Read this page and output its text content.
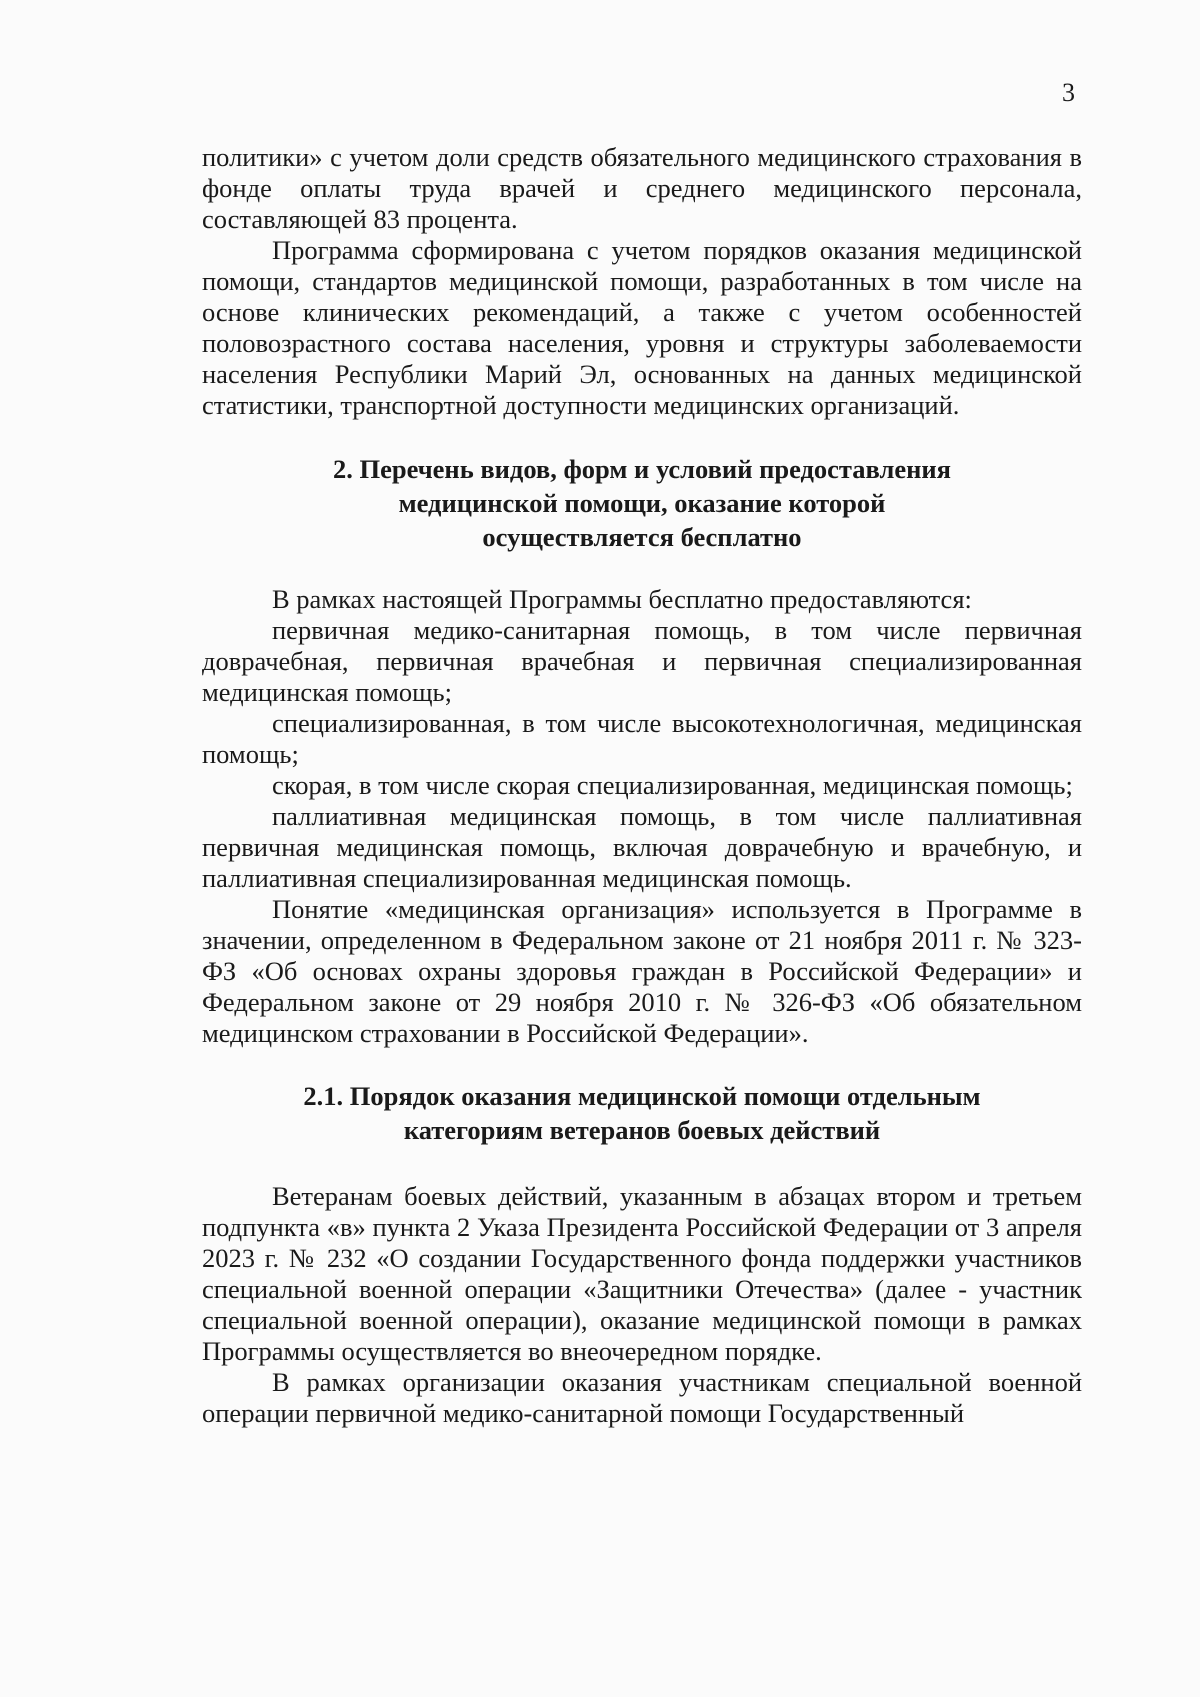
3

политики» с учетом доли средств обязательного медицинского страхования в фонде оплаты труда врачей и среднего медицинского персонала, составляющей 83 процента.

Программа сформирована с учетом порядков оказания медицинской помощи, стандартов медицинской помощи, разработанных в том числе на основе клинических рекомендаций, а также с учетом особенностей половозрастного состава населения, уровня и структуры заболеваемости населения Республики Марий Эл, основанных на данных медицинской статистики, транспортной доступности медицинских организаций.

2. Перечень видов, форм и условий предоставления
медицинской помощи, оказание которой
осуществляется бесплатно

В рамках настоящей Программы бесплатно предоставляются:

первичная медико-санитарная помощь, в том числе первичная доврачебная, первичная врачебная и первичная специализированная медицинская помощь;

специализированная, в том числе высокотехнологичная, медицинская помощь;

скорая, в том числе скорая специализированная, медицинская помощь;

паллиативная медицинская помощь, в том числе паллиативная первичная медицинская помощь, включая доврачебную и врачебную, и паллиативная специализированная медицинская помощь.

Понятие «медицинская организация» используется в Программе в значении, определенном в Федеральном законе от 21 ноября 2011 г. № 323-ФЗ «Об основах охраны здоровья граждан в Российской Федерации» и Федеральном законе от 29 ноября 2010 г. № 326-ФЗ «Об обязательном медицинском страховании в Российской Федерации».

2.1. Порядок оказания медицинской помощи отдельным
категориям ветеранов боевых действий

Ветеранам боевых действий, указанным в абзацах втором и третьем подпункта «в» пункта 2 Указа Президента Российской Федерации от 3 апреля 2023 г. № 232 «О создании Государственного фонда поддержки участников специальной военной операции «Защитники Отечества» (далее - участник специальной военной операции), оказание медицинской помощи в рамках Программы осуществляется во внеочередном порядке.

В рамках организации оказания участникам специальной военной операции первичной медико-санитарной помощи Государственный
